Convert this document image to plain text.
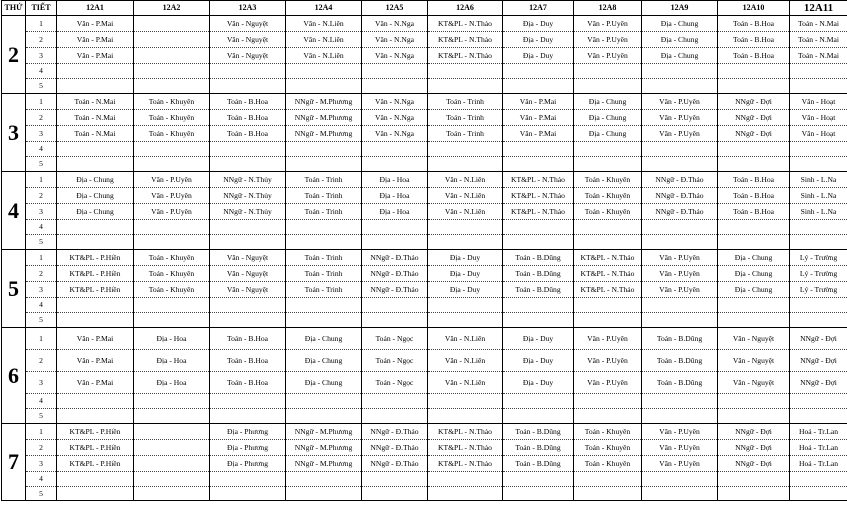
THỨ	TIẾT	12A1	12A2	12A3	12A4	12A5	12A6	12A7	12A8	12A9	12A10	12A11
2	1	Văn - P.Mai		Văn - Nguyệt	Văn - N.Liên	Văn - N.Nga	KT&PL - N.Thảo	Địa - Duy	Văn - P.Uyên	Địa - Chung	Toán - B.Hoa	Toán - N.Mai
	2	Văn - P.Mai		Văn - Nguyệt	Văn - N.Liên	Văn - N.Nga	KT&PL - N.Thảo	Địa - Duy	Văn - P.Uyên	Địa - Chung	Toán - B.Hoa	Toán - N.Mai
	3	Văn - P.Mai		Văn - Nguyệt	Văn - N.Liên	Văn - N.Nga	KT&PL - N.Thảo	Địa - Duy	Văn - P.Uyên	Địa - Chung	Toán - B.Hoa	Toán - N.Mai
	4											
	5											
3	1	Toán - N.Mai	Toán - Khuyên	Toán - B.Hoa	NNgữ - M.Phương	Văn - N.Nga	Toán - Trinh	Văn - P.Mai	Địa - Chung	Văn - P.Uyên	NNgữ - Đợi	Văn - Hoạt
	2	Toán - N.Mai	Toán - Khuyên	Toán - B.Hoa	NNgữ - M.Phương	Văn - N.Nga	Toán - Trinh	Văn - P.Mai	Địa - Chung	Văn - P.Uyên	NNgữ - Đợi	Văn - Hoạt
	3	Toán - N.Mai	Toán - Khuyên	Toán - B.Hoa	NNgữ - M.Phương	Văn - N.Nga	Toán - Trinh	Văn - P.Mai	Địa - Chung	Văn - P.Uyên	NNgữ - Đợi	Văn - Hoạt
	4											
	5											
4	1	Địa - Chung	Văn - P.Uyên	NNgữ - N.Thủy	Toán - Trinh	Địa - Hoa	Văn - N.Liên	KT&PL - N.Thảo	Toán - Khuyên	NNgữ - Đ.Thảo	Toán - B.Hoa	Sinh - L.Na
	2	Địa - Chung	Văn - P.Uyên	NNgữ - N.Thủy	Toán - Trinh	Địa - Hoa	Văn - N.Liên	KT&PL - N.Thảo	Toán - Khuyên	NNgữ - Đ.Thảo	Toán - B.Hoa	Sinh - L.Na
	3	Địa - Chung	Văn - P.Uyên	NNgữ - N.Thủy	Toán - Trinh	Địa - Hoa	Văn - N.Liên	KT&PL - N.Thảo	Toán - Khuyên	NNgữ - Đ.Thảo	Toán - B.Hoa	Sinh - L.Na
	4											
	5											
5	1	KT&PL - P.Hiền	Toán - Khuyên	Văn - Nguyệt	Toán - Trinh	NNgữ - Đ.Thảo	Địa - Duy	Toán - B.Dũng	KT&PL - N.Thảo	Văn - P.Uyên	Địa - Chung	Lý - Trường
	2	KT&PL - P.Hiền	Toán - Khuyên	Văn - Nguyệt	Toán - Trinh	NNgữ - Đ.Thảo	Địa - Duy	Toán - B.Dũng	KT&PL - N.Thảo	Văn - P.Uyên	Địa - Chung	Lý - Trường
	3	KT&PL - P.Hiền	Toán - Khuyên	Văn - Nguyệt	Toán - Trinh	NNgữ - Đ.Thảo	Địa - Duy	Toán - B.Dũng	KT&PL - N.Thảo	Văn - P.Uyên	Địa - Chung	Lý - Trường
	4											
	5											
6	1	Văn - P.Mai	Địa - Hoa	Toán - B.Hoa	Địa - Chung	Toán - Ngọc	Văn - N.Liên	Địa - Duy	Văn - P.Uyên	Toán - B.Dũng	Văn - Nguyệt	NNgữ - Đợi
	2	Văn - P.Mai	Địa - Hoa	Toán - B.Hoa	Địa - Chung	Toán - Ngọc	Văn - N.Liên	Địa - Duy	Văn - P.Uyên	Toán - B.Dũng	Văn - Nguyệt	NNgữ - Đợi
	3	Văn - P.Mai	Địa - Hoa	Toán - B.Hoa	Địa - Chung	Toán - Ngọc	Văn - N.Liên	Địa - Duy	Văn - P.Uyên	Toán - B.Dũng	Văn - Nguyệt	NNgữ - Đợi
	4											
	5											
7	1	KT&PL - P.Hiền		Địa - Phương	NNgữ - M.Phương	NNgữ - Đ.Thảo	KT&PL - N.Thảo	Toán - B.Dũng	Toán - Khuyên	Văn - P.Uyên	NNgữ - Đợi	Hoá - Tr.Lan
	2	KT&PL - P.Hiền		Địa - Phương	NNgữ - M.Phương	NNgữ - Đ.Thảo	KT&PL - N.Thảo	Toán - B.Dũng	Toán - Khuyên	Văn - P.Uyên	NNgữ - Đợi	Hoá - Tr.Lan
	3	KT&PL - P.Hiền		Địa - Phương	NNgữ - M.Phương	NNgữ - Đ.Thảo	KT&PL - N.Thảo	Toán - B.Dũng	Toán - Khuyên	Văn - P.Uyên	NNgữ - Đợi	Hoá - Tr.Lan
	4											
	5											
